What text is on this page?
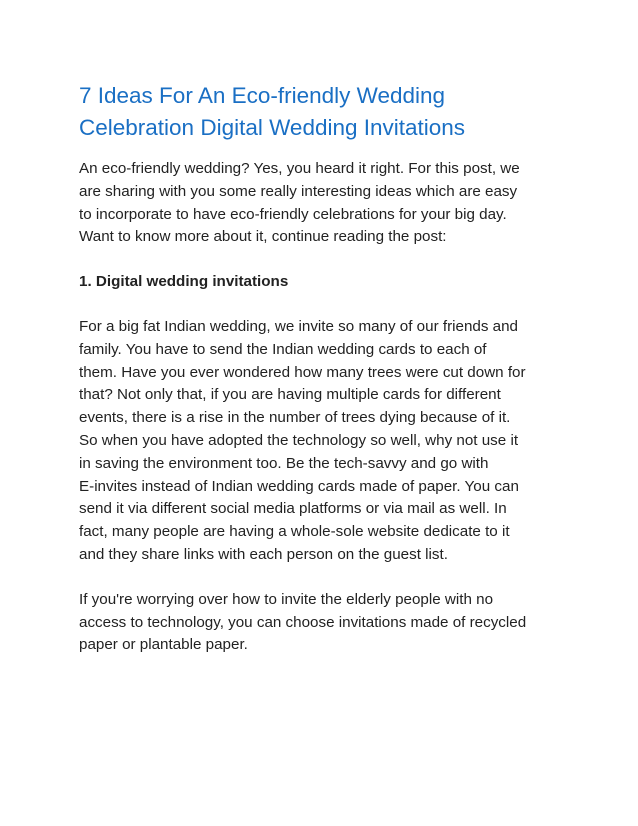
7 Ideas For An Eco-friendly Wedding
Celebration Digital Wedding Invitations

An eco-friendly wedding? Yes, you heard it right. For this post, we
are sharing with you some really interesting ideas which are easy
to incorporate to have eco-friendly celebrations for your big day.
Want to know more about it, continue reading the post:

1. Digital wedding invitations

For a big fat Indian wedding, we invite so many of our friends and
family. You have to send the Indian wedding cards to each of
them. Have you ever wondered how many trees were cut down for
that? Not only that, if you are having multiple cards for different
events, there is a rise in the number of trees dying because of it.
So when you have adopted the technology so well, why not use it
in saving the environment too. Be the tech-savvy and go with
E-invites instead of Indian wedding cards made of paper. You can
send it via different social media platforms or via mail as well. In
fact, many people are having a whole-sole website dedicate to it
and they share links with each person on the guest list.

If you're worrying over how to invite the elderly people with no
access to technology, you can choose invitations made of recycled
paper or plantable paper.
